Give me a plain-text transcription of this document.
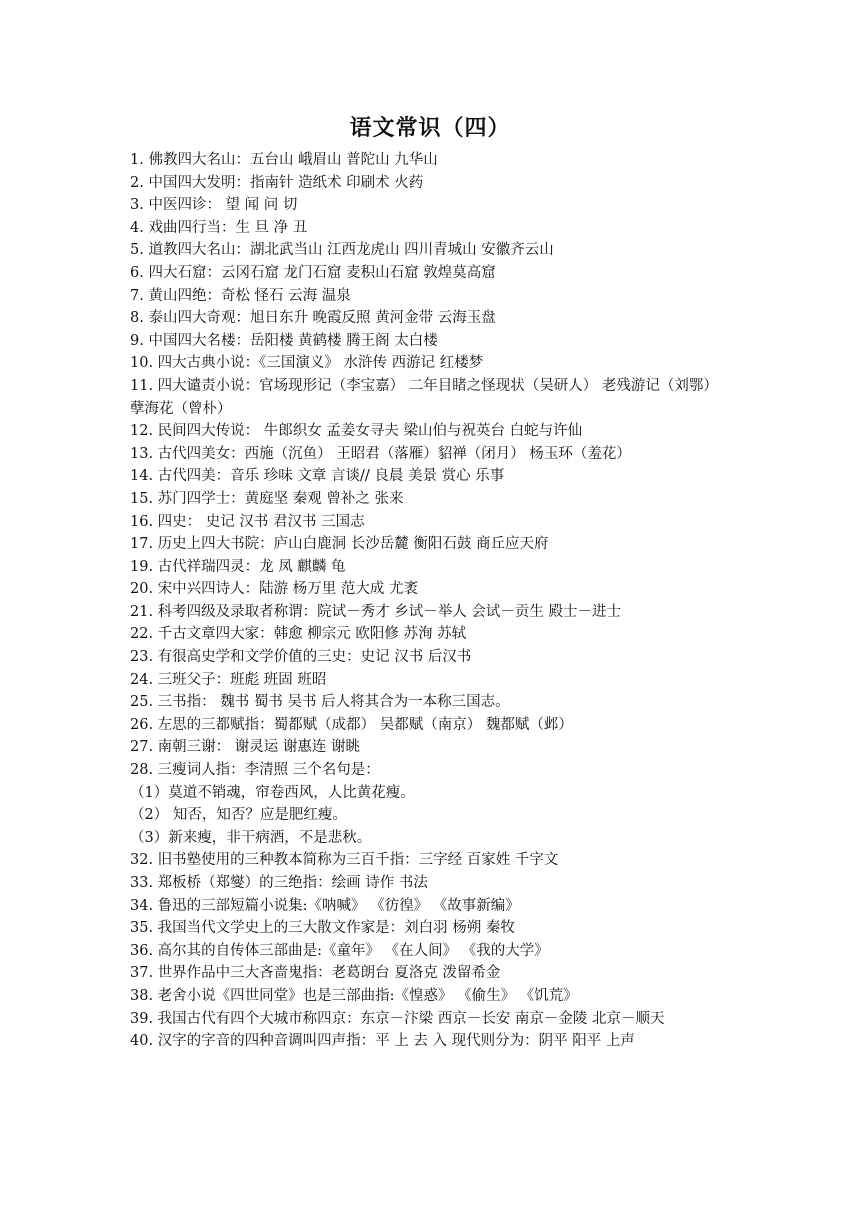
语文常识（四）
1. 佛教四大名山：五台山 峨眉山 普陀山 九华山
2. 中国四大发明：指南针 造纸术 印刷术 火药
3. 中医四诊： 望 闻 问 切
4. 戏曲四行当：生 旦 净 丑
5. 道教四大名山：湖北武当山 江西龙虎山 四川青城山 安徽齐云山
6. 四大石窟：云冈石窟 龙门石窟 麦积山石窟 敦煌莫高窟
7. 黄山四绝：奇松 怪石 云海 温泉
8. 泰山四大奇观：旭日东升 晚霞反照 黄河金带 云海玉盘
9. 中国四大名楼：岳阳楼 黄鹤楼 腾王阁 太白楼
10. 四大古典小说：《三国演义》 水浒传 西游记 红楼梦
11. 四大谴责小说：官场现形记（李宝嘉） 二年目睹之怪现状（吴研人） 老残游记（刘鄂）
孽海花（曾朴）
12. 民间四大传说： 牛郎织女 孟姜女寻夫 梁山伯与祝英台 白蛇与许仙
13. 古代四美女：西施（沉鱼） 王昭君（落雁）貂禅（闭月） 杨玉环（羞花）
14. 古代四美：音乐 珍味 文章 言谈// 良晨 美景 赏心 乐事
15. 苏门四学士：黄庭坚 秦观 曾补之 张来
16. 四史： 史记 汉书 君汉书 三国志
17. 历史上四大书院：庐山白鹿洞 长沙岳麓 衡阳石鼓 商丘应天府
19. 古代祥瑞四灵：龙 凤 麒麟 龟
20. 宋中兴四诗人：陆游 杨万里 范大成 尤袤
21. 科考四级及录取者称谓：院试－秀才 乡试－举人 会试－贡生 殿士－进士
22. 千古文章四大家：韩愈 柳宗元 欧阳修 苏洵 苏轼
23. 有很高史学和文学价值的三史：史记 汉书 后汉书
24. 三班父子：班彪 班固 班昭
25. 三书指： 魏书 蜀书 吴书 后人将其合为一本称三国志。
26. 左思的三都赋指：蜀都赋（成都） 吴都赋（南京） 魏都赋（邺）
27. 南朝三谢： 谢灵运 谢惠连 谢眺
28. 三瘦词人指：李清照 三个名句是：
（1）莫道不销魂，帘卷西风，人比黄花瘦。
（2） 知否，知否？应是肥红瘦。
（3）新来瘦，非干病酒，不是悲秋。
32. 旧书塾使用的三种教本简称为三百千指：三字经 百家姓 千字文
33. 郑板桥（郑燮）的三绝指：绘画 诗作 书法
34. 鲁迅的三部短篇小说集:《呐喊》 《彷徨》 《故事新编》
35. 我国当代文学史上的三大散文作家是：刘白羽 杨朔 秦牧
36. 高尔其的自传体三部曲是:《童年》 《在人间》 《我的大学》
37. 世界作品中三大吝啬鬼指：老葛朗台 夏洛克 泼留希金
38. 老舍小说《四世同堂》也是三部曲指:《惶惑》 《偷生》 《饥荒》
39. 我国古代有四个大城市称四京：东京－汴梁 西京－长安 南京－金陵 北京－顺天
40. 汉字的字音的四种音调叫四声指：平 上 去 入 现代则分为：阴平 阳平 上声
